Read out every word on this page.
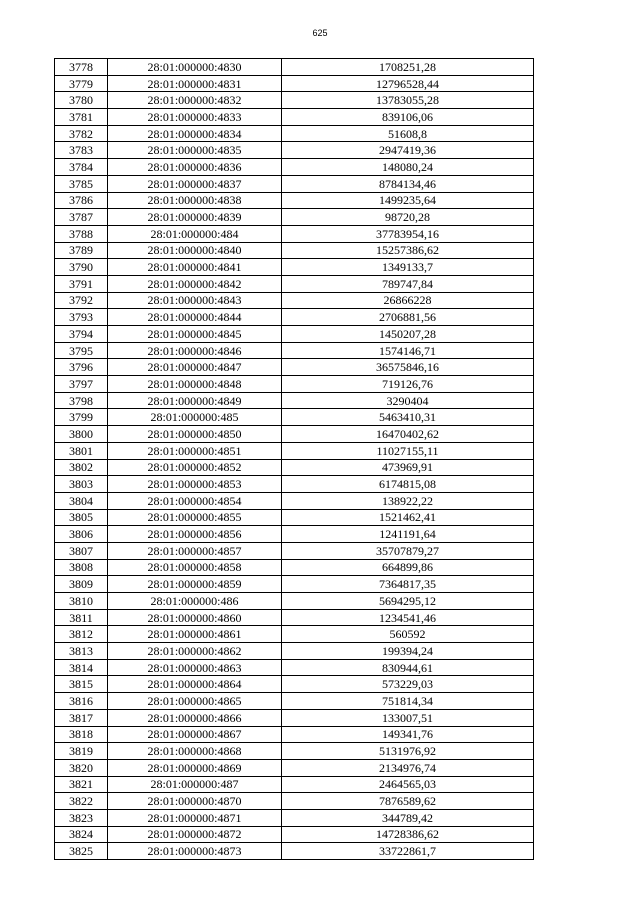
625
3778	28:01:000000:4830	1708251,28
3779	28:01:000000:4831	12796528,44
3780	28:01:000000:4832	13783055,28
3781	28:01:000000:4833	839106,06
3782	28:01:000000:4834	51608,8
3783	28:01:000000:4835	2947419,36
3784	28:01:000000:4836	148080,24
3785	28:01:000000:4837	8784134,46
3786	28:01:000000:4838	1499235,64
3787	28:01:000000:4839	98720,28
3788	28:01:000000:484	37783954,16
3789	28:01:000000:4840	15257386,62
3790	28:01:000000:4841	1349133,7
3791	28:01:000000:4842	789747,84
3792	28:01:000000:4843	26866228
3793	28:01:000000:4844	2706881,56
3794	28:01:000000:4845	1450207,28
3795	28:01:000000:4846	1574146,71
3796	28:01:000000:4847	36575846,16
3797	28:01:000000:4848	719126,76
3798	28:01:000000:4849	3290404
3799	28:01:000000:485	5463410,31
3800	28:01:000000:4850	16470402,62
3801	28:01:000000:4851	11027155,11
3802	28:01:000000:4852	473969,91
3803	28:01:000000:4853	6174815,08
3804	28:01:000000:4854	138922,22
3805	28:01:000000:4855	1521462,41
3806	28:01:000000:4856	1241191,64
3807	28:01:000000:4857	35707879,27
3808	28:01:000000:4858	664899,86
3809	28:01:000000:4859	7364817,35
3810	28:01:000000:486	5694295,12
3811	28:01:000000:4860	1234541,46
3812	28:01:000000:4861	560592
3813	28:01:000000:4862	199394,24
3814	28:01:000000:4863	830944,61
3815	28:01:000000:4864	573229,03
3816	28:01:000000:4865	751814,34
3817	28:01:000000:4866	133007,51
3818	28:01:000000:4867	149341,76
3819	28:01:000000:4868	5131976,92
3820	28:01:000000:4869	2134976,74
3821	28:01:000000:487	2464565,03
3822	28:01:000000:4870	7876589,62
3823	28:01:000000:4871	344789,42
3824	28:01:000000:4872	14728386,62
3825	28:01:000000:4873	33722861,7
